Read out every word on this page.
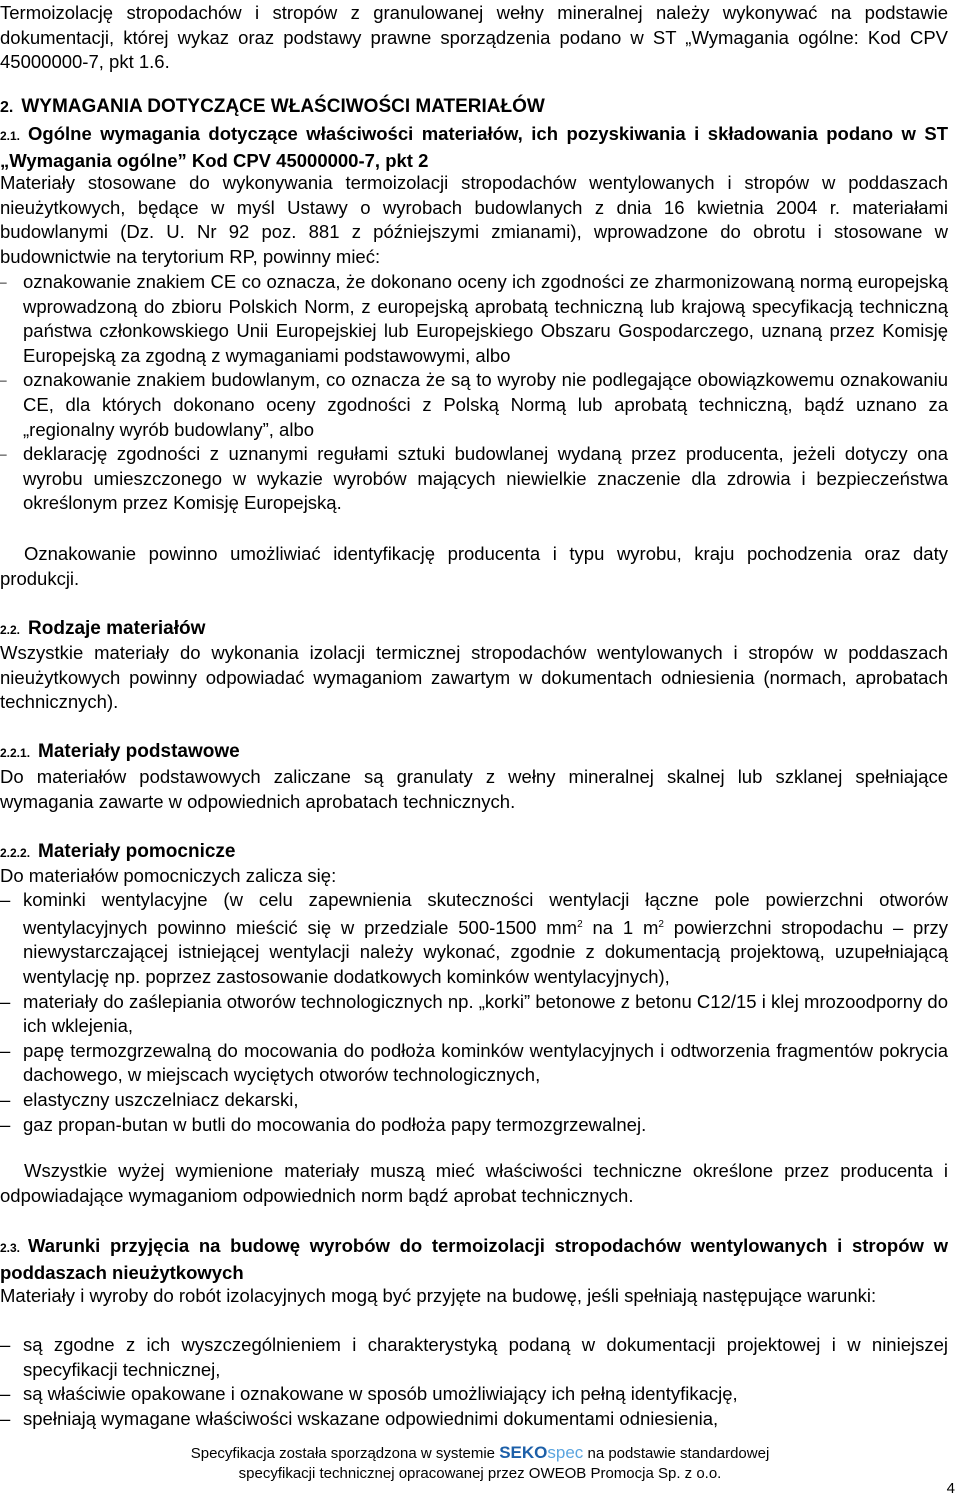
Termoizolację stropodachów i stropów z granulowanej wełny mineralnej należy wykonywać na podstawie dokumentacji, której wykaz oraz podstawy prawne sporządzenia podano w ST „Wymagania ogólne: Kod CPV 45000000-7, pkt 1.6.

2. WYMAGANIA DOTYCZĄCE WŁAŚCIWOŚCI MATERIAŁÓW
2.1. Ogólne wymagania dotyczące właściwości materiałów, ich pozyskiwania i składowania podano w ST „Wymagania ogólne” Kod CPV 45000000-7, pkt 2

Materiały stosowane do wykonywania termoizolacji stropodachów wentylowanych i stropów w poddaszach nieużytkowych, będące w myśl Ustawy o wyrobach budowlanych z dnia 16 kwietnia 2004 r. materiałami budowlanymi (Dz. U. Nr 92 poz. 881 z późniejszymi zmianami), wprowadzone do obrotu i stosowane w budownictwie na terytorium RP, powinny mieć:

– oznakowanie znakiem CE co oznacza, że dokonano oceny ich zgodności ze zharmonizowaną normą europejską wprowadzoną do zbioru Polskich Norm, z europejską aprobatą techniczną lub krajową specyfikacją techniczną państwa członkowskiego Unii Europejskiej lub Europejskiego Obszaru Gospodarczego, uznaną przez Komisję Europejską za zgodną z wymaganiami podstawowymi, albo
– oznakowanie znakiem budowlanym, co oznacza że są to wyroby nie podlegające obowiązkowemu oznakowaniu CE, dla których dokonano oceny zgodności z Polską Normą lub aprobatą techniczną, bądź uznano za „regionalny wyrób budowlany”, albo
– deklarację zgodności z uznanymi regułami sztuki budowlanej wydaną przez producenta, jeżeli dotyczy ona wyrobu umieszczonego w wykazie wyrobów mających niewielkie znaczenie dla zdrowia i bezpieczeństwa określonym przez Komisję Europejską.

Oznakowanie powinno umożliwiać identyfikację producenta i typu wyrobu, kraju pochodzenia oraz daty produkcji.

2.2. Rodzaje materiałów

Wszystkie materiały do wykonania izolacji termicznej stropodachów wentylowanych i stropów w poddaszach nieużytkowych powinny odpowiadać wymaganiom zawartym w dokumentach odniesienia (normach, aprobatach technicznych).

2.2.1. Materiały podstawowe

Do materiałów podstawowych zaliczane są granulaty z wełny mineralnej skalnej lub szklanej spełniające wymagania zawarte w odpowiednich aprobatach technicznych.

2.2.2. Materiały pomocnicze

Do materiałów pomocniczych zalicza się:

– kominki wentylacyjne (w celu zapewnienia skuteczności wentylacji łączne pole powierzchni otworów wentylacyjnych powinno mieścić się w przedziale 500-1500 $mm^2$ na 1 $m^2$ powierzchni stropodachu – przy niewystarczającej istniejącej wentylacji należy wykonać, zgodnie z dokumentacją projektową, uzupełniającą wentylację np. poprzez zastosowanie dodatkowych kominków wentylacyjnych),
– materiały do zaślepiania otworów technologicznych np. „korki” betonowe z betonu C12/15 i klej mrozoodporny do ich wklejenia,
– papę termozgrzewalną do mocowania do podłoża kominków wentylacyjnych i odtworzenia fragmentów pokrycia dachowego, w miejscach wyciętych otworów technologicznych,
– elastyczny uszczelniacz dekarski,
– gaz propan-butan w butli do mocowania do podłoża papy termozgrzewalnej.

Wszystkie wyżej wymienione materiały muszą mieć właściwości techniczne określone przez producenta i odpowiadające wymaganiom odpowiednich norm bądź aprobat technicznych.

2.3. Warunki przyjęcia na budowę wyrobów do termoizolacji stropodachów wentylowanych i stropów w poddaszach nieużytkowych

Materiały i wyroby do robót izolacyjnych mogą być przyjęte na budowę, jeśli spełniają następujące warunki:

– są zgodne z ich wyszczególnieniem i charakterystyką podaną w dokumentacji projektowej i w niniejszej specyfikacji technicznej,
– są właściwie opakowane i oznakowane w sposób umożliwiający ich pełną identyfikację,
– spełniają wymagane właściwości wskazane odpowiednimi dokumentami odniesienia,
Specyfikacja została sporządzona w systemie SEKOspec na podstawie standardowej
specyfikacji technicznej opracowanej przez OWEOB Promocja Sp. z o.o.
4
